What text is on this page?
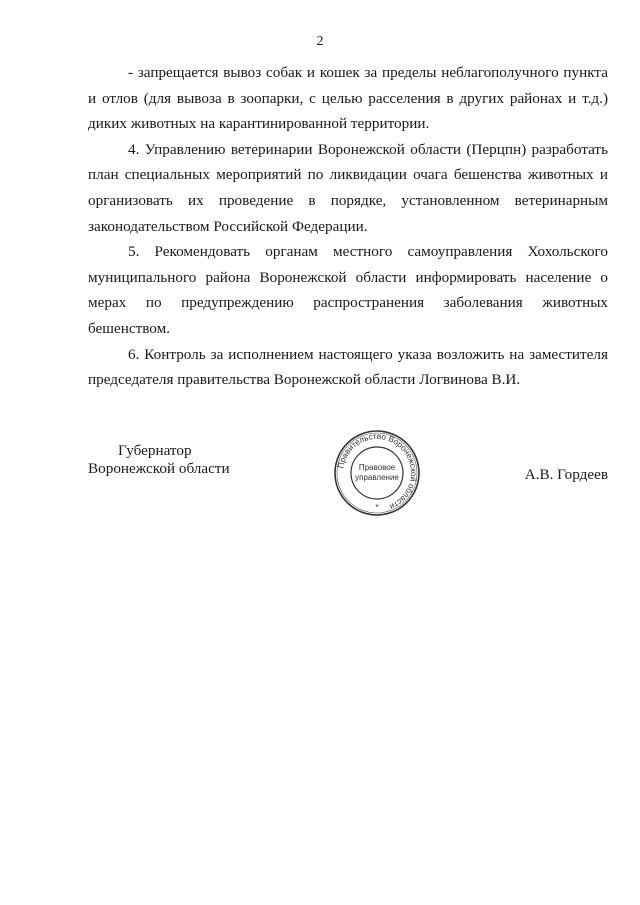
2

- запрещается вывоз собак и кошек за пределы неблагополучного пункта и отлов (для вывоза в зоопарки, с целью расселения в других районах и т.д.) диких животных на карантинированной территории.

4. Управлению ветеринарии Воронежской области (Перцпн) разработать план специальных мероприятий по ликвидации очага бешенства животных и организовать их проведение в порядке, установленном ветеринарным законодательством Российской Федерации.

5. Рекомендовать органам местного самоуправления Хохольского муниципального района Воронежской области информировать население о мерах по предупреждению распространения заболевания животных бешенством.

6. Контроль за исполнением настоящего указа возложить на заместителя председателя правительства Воронежской области Логвинова В.И.

Губернатор
Воронежской области	А.В. Гордеев
Правительство Воронежской области
Правовое
управление
*
